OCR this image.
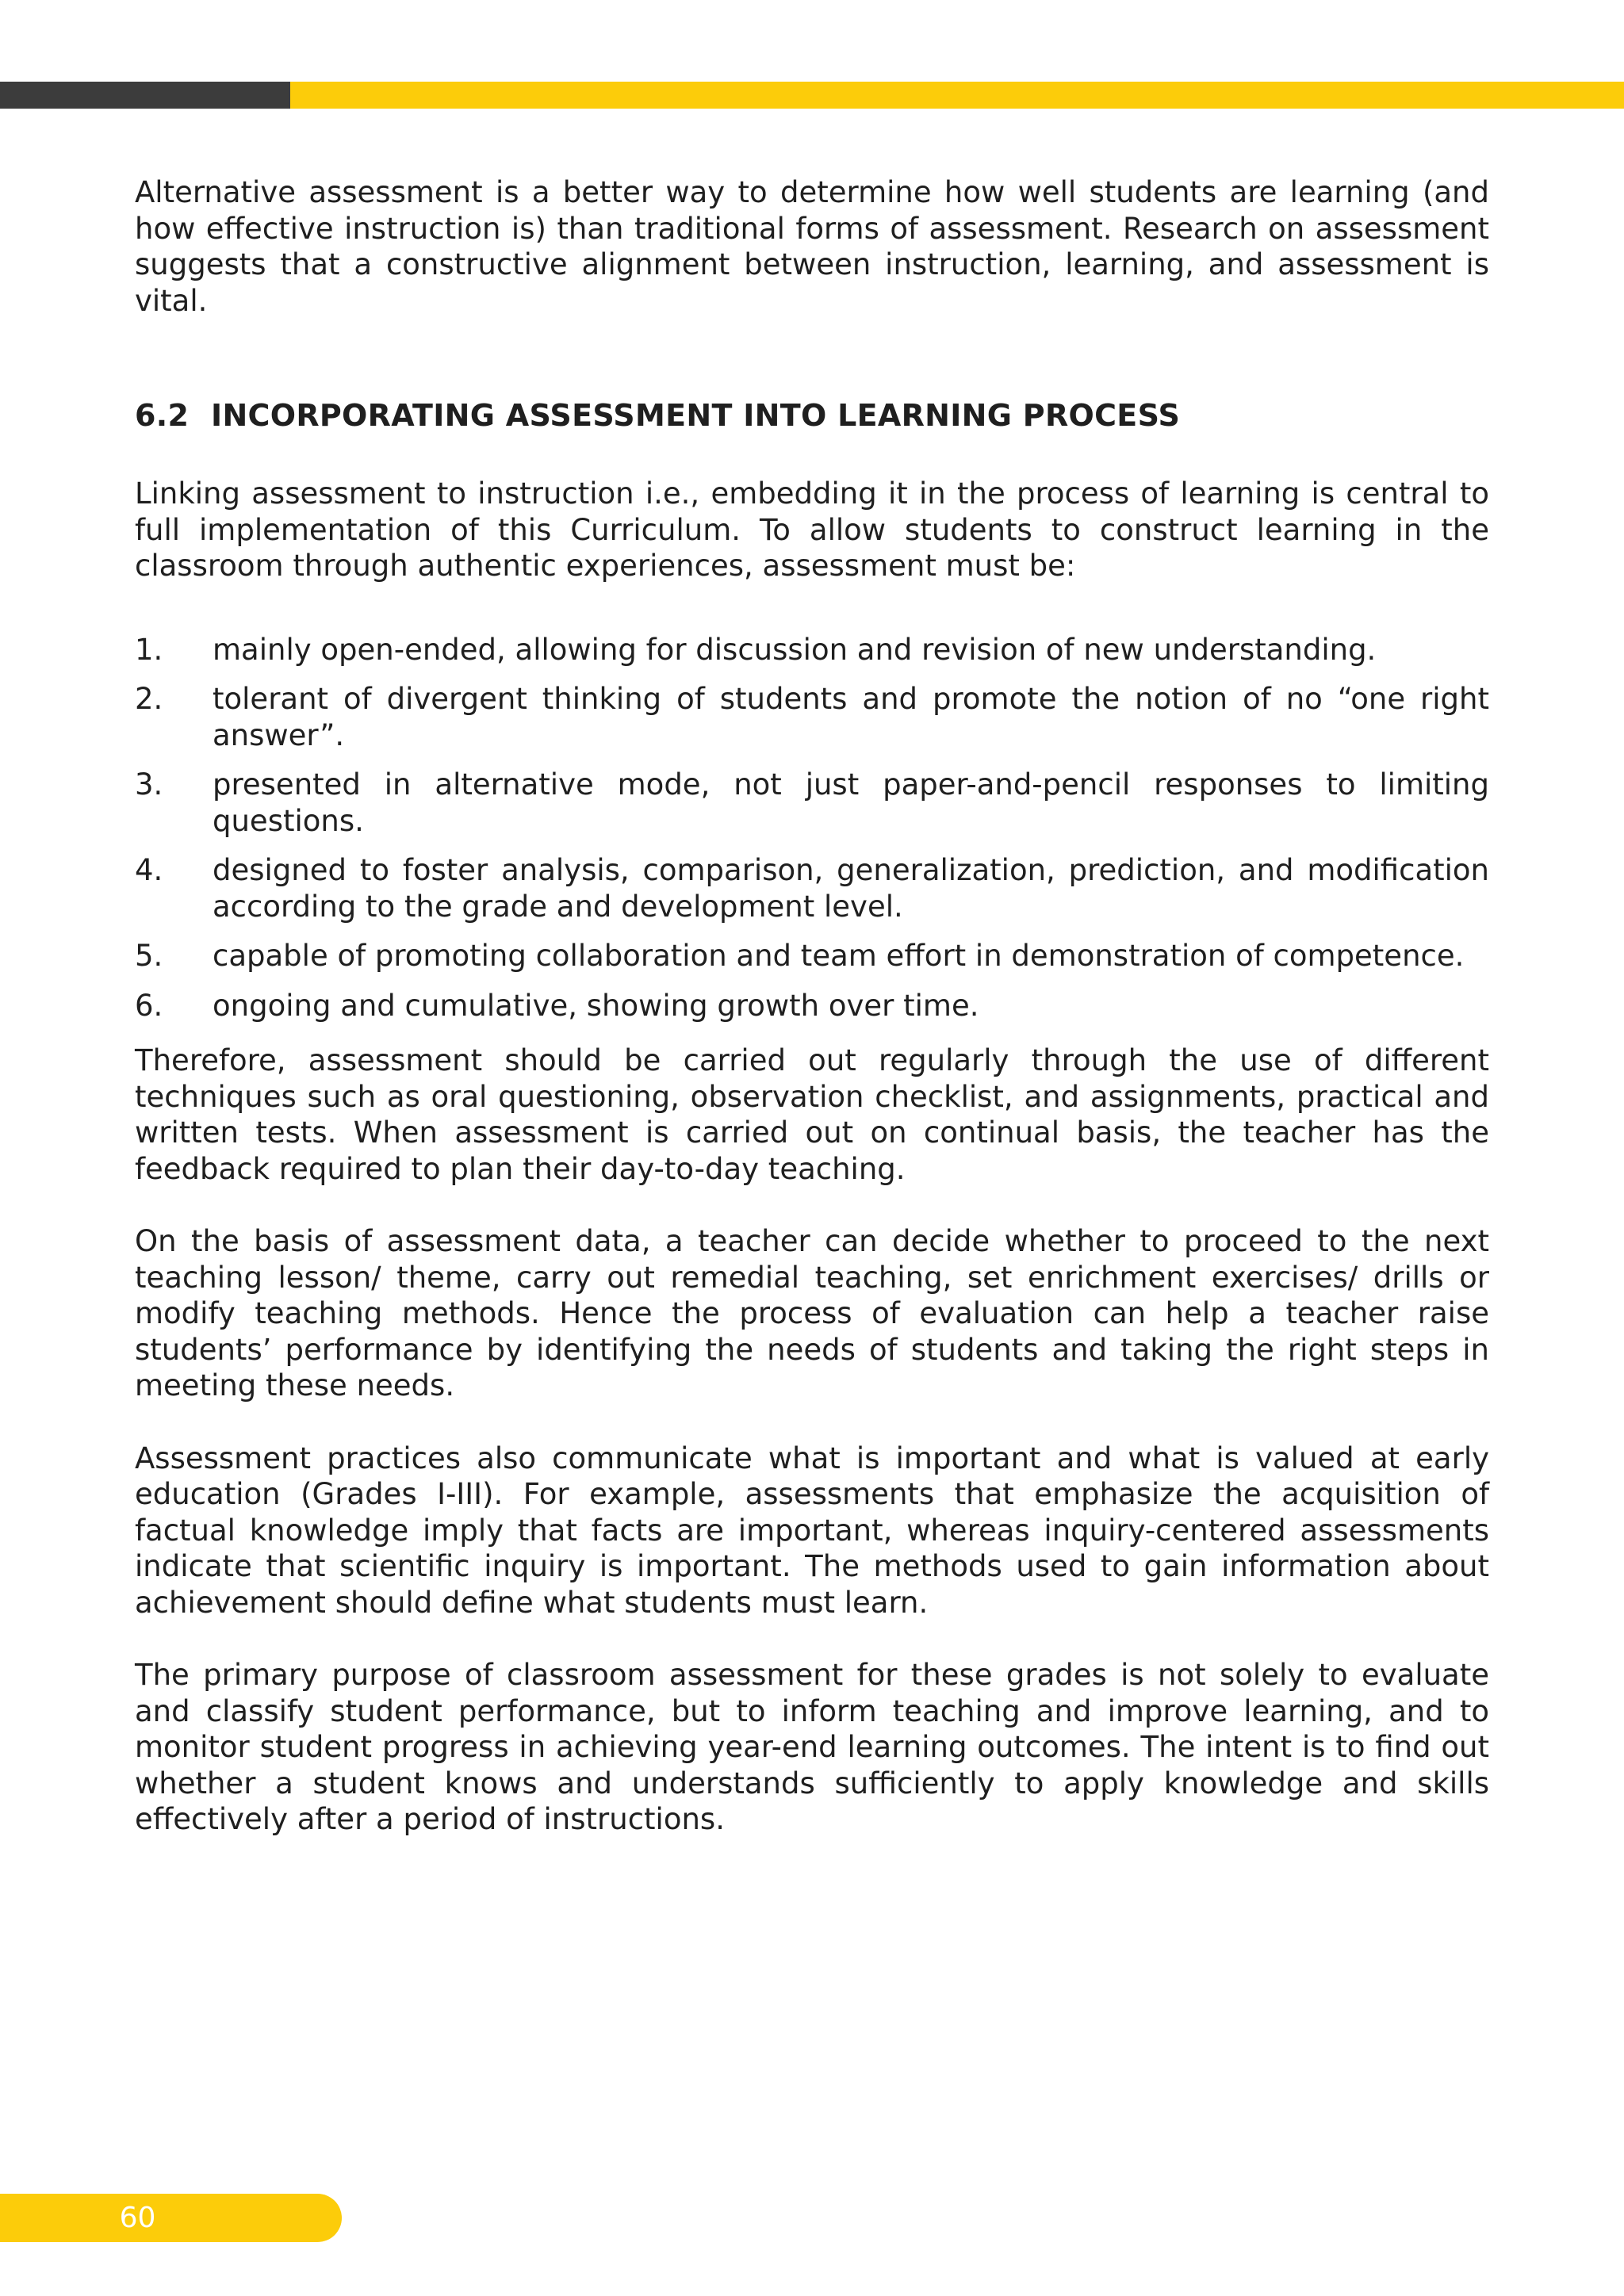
Alternative assessment is a better way to determine how well students are learning (and how effective instruction is) than traditional forms of assessment. Research on assessment suggests that a constructive alignment between instruction, learning, and assessment is vital.

6.2 INCORPORATING ASSESSMENT INTO LEARNING PROCESS

Linking assessment to instruction i.e., embedding it in the process of learning is central to full implementation of this Curriculum. To allow students to construct learning in the classroom through authentic experiences, assessment must be:

1.	mainly open-ended, allowing for discussion and revision of new understanding.
2.	tolerant of divergent thinking of students and promote the notion of no “one right answer”.
3.	presented in alternative mode, not just paper-and-pencil responses to limiting questions.
4.	designed to foster analysis, comparison, generalization, prediction, and modification according to the grade and development level.
5.	capable of promoting collaboration and team effort in demonstration of competence.
6.	ongoing and cumulative, showing growth over time.

Therefore, assessment should be carried out regularly through the use of different techniques such as oral questioning, observation checklist, and assignments, practical and written tests. When assessment is carried out on continual basis, the teacher has the feedback required to plan their day-to-day teaching.

On the basis of assessment data, a teacher can decide whether to proceed to the next teaching lesson/ theme, carry out remedial teaching, set enrichment exercises/ drills or modify teaching methods. Hence the process of evaluation can help a teacher raise students’ performance by identifying the needs of students and taking the right steps in meeting these needs.

Assessment practices also communicate what is important and what is valued at early education (Grades I-III). For example, assessments that emphasize the acquisition of factual knowledge imply that facts are important, whereas inquiry-centered assessments indicate that scientific inquiry is important. The methods used to gain information about achievement should define what students must learn.

The primary purpose of classroom assessment for these grades is not solely to evaluate and classify student performance, but to inform teaching and improve learning, and to monitor student progress in achieving year-end learning outcomes. The intent is to find out whether a student knows and understands sufficiently to apply knowledge and skills effectively after a period of instructions.

60
